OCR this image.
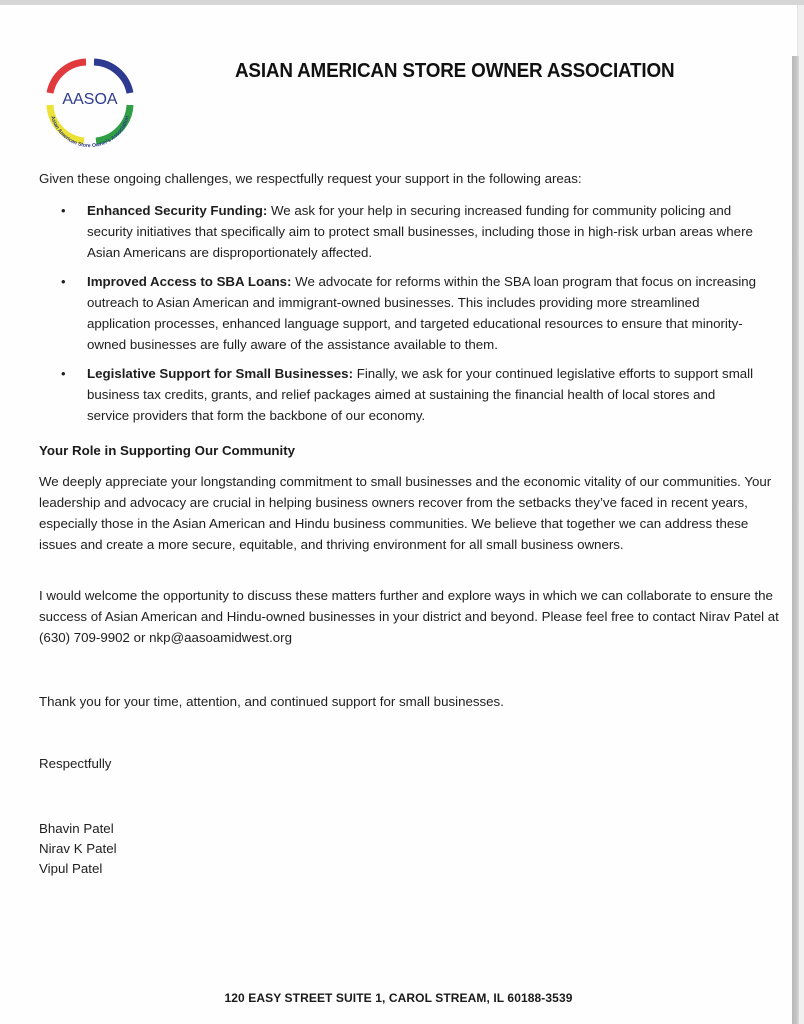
AASOA
Asian American Store Owner's Association
ASIAN AMERICAN STORE OWNER ASSOCIATION
Given these ongoing challenges, we respectfully request your support in the following areas:
• Enhanced Security Funding: We ask for your help in securing increased funding for community policing and security initiatives that specifically aim to protect small businesses, including those in high-risk urban areas where Asian Americans are disproportionately affected.
• Improved Access to SBA Loans: We advocate for reforms within the SBA loan program that focus on increasing outreach to Asian American and immigrant-owned businesses. This includes providing more streamlined application processes, enhanced language support, and targeted educational resources to ensure that minority-owned businesses are fully aware of the assistance available to them.
• Legislative Support for Small Businesses: Finally, we ask for your continued legislative efforts to support small business tax credits, grants, and relief packages aimed at sustaining the financial health of local stores and service providers that form the backbone of our economy.
Your Role in Supporting Our Community
We deeply appreciate your longstanding commitment to small businesses and the economic vitality of our communities. Your leadership and advocacy are crucial in helping business owners recover from the setbacks they’ve faced in recent years, especially those in the Asian American and Hindu business communities. We believe that together we can address these issues and create a more secure, equitable, and thriving environment for all small business owners.
I would welcome the opportunity to discuss these matters further and explore ways in which we can collaborate to ensure the success of Asian American and Hindu-owned businesses in your district and beyond. Please feel free to contact Nirav Patel at (630) 709-9902 or nkp@aasoamidwest.org
Thank you for your time, attention, and continued support for small businesses.
Respectfully
Bhavin Patel
Nirav K Patel
Vipul Patel
120 EASY STREET SUITE 1, CAROL STREAM, IL 60188-3539
